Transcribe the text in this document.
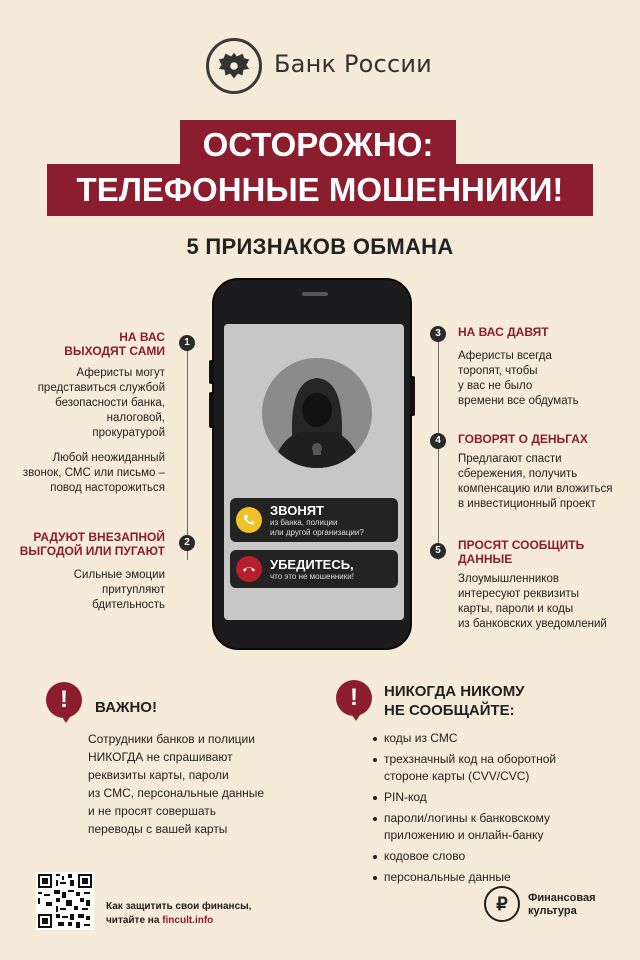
Банк России
ОСТОРОЖНО:
ТЕЛЕФОННЫЕ МОШЕННИКИ!
5 ПРИЗНАКОВ ОБМАНА
ЗВОНЯТ
из банка, полиции
или другой организации?
УБЕДИТЕСЬ,
что это не мошенники!
1
НА ВАС
ВЫХОДЯТ САМИ
Аферисты могут
представиться службой
безопасности банка,
налоговой,
прокуратурой
Любой неожиданный
звонок, СМС или письмо –
повод насторожиться
2
РАДУЮТ ВНЕЗАПНОЙ
ВЫГОДОЙ ИЛИ ПУГАЮТ
Сильные эмоции
притупляют
бдительность
3	НА ВАС ДАВЯТ
Аферисты всегда
торопят, чтобы
у вас не было
времени все обдумать
4	ГОВОРЯТ О ДЕНЬГАХ
Предлагают спасти
сбережения, получить
компенсацию или вложиться
в инвестиционный проект
5	ПРОСЯТ СООБЩИТЬ
ДАННЫЕ
Злоумышленников
интересуют реквизиты
карты, пароли и коды
из банковских уведомлений
!	ВАЖНО!
Сотрудники банков и полиции
НИКОГДА не спрашивают
реквизиты карты, пароли
из СМС, персональные данные
и не просят совершать
переводы с вашей карты
!	НИКОГДА НИКОМУ
НЕ СООБЩАЙТЕ:
коды из СМС
трехзначный код на оборотной
стороне карты (CVV/CVC)
PIN-код
пароли/логины к банковскому
приложению и онлайн-банку
кодовое слово
персональные данные
Как защитить свои финансы,
читайте на fincult.info
₽	Финансовая
культура
